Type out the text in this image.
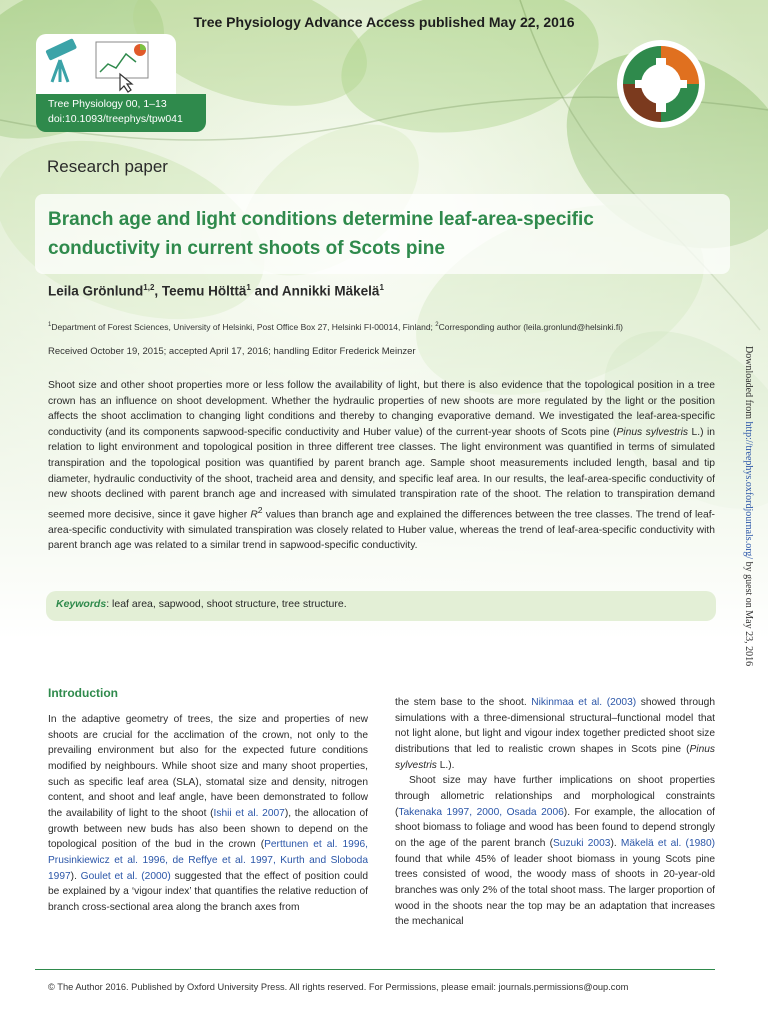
Tree Physiology Advance Access published May 22, 2016
Tree Physiology 00, 1–13
doi:10.1093/treephys/tpw041
Research paper
Branch age and light conditions determine leaf-area-specific
conductivity in current shoots of Scots pine
Leila Grönlund$^{1,2}$, Teemu Hölttä$^1$ and Annikki Mäkelä$^1$
$^1$Department of Forest Sciences, University of Helsinki, Post Office Box 27, Helsinki FI-00014, Finland; $^2$Corresponding author (leila.gronlund@helsinki.fi)
Received October 19, 2015; accepted April 17, 2016; handling Editor Frederick Meinzer
Shoot size and other shoot properties more or less follow the availability of light, but there is also evidence that the topological position in a tree crown has an influence on shoot development. Whether the hydraulic properties of new shoots are more regulated by the light or the position affects the shoot acclimation to changing light conditions and thereby to changing evaporative demand. We investigated the leaf-area-specific conductivity (and its components sapwood-specific conductivity and Huber value) of the current-year shoots of Scots pine (Pinus sylvestris L.) in relation to light environment and topological position in three different tree classes. The light environment was quantified in terms of simulated transpiration and the topological position was quantified by parent branch age. Sample shoot measurements included length, basal and tip diameter, hydraulic conductivity of the shoot, tracheid area and density, and specific leaf area. In our results, the leaf-area-specific conductivity of new shoots declined with parent branch age and increased with simulated transpiration rate of the shoot. The relation to transpiration demand seemed more decisive, since it gave higher $R^2$ values than branch age and explained the differences between the tree classes. The trend of leaf-area-specific conductivity with simulated transpiration was closely related to Huber value, whereas the trend of leaf-area-specific conductivity with parent branch age was related to a similar trend in sapwood-specific conductivity.
Keywords: leaf area, sapwood, shoot structure, tree structure.
Downloaded from http://treephys.oxfordjournals.org/ by guest on May 23, 2016
Introduction

In the adaptive geometry of trees, the size and properties of new shoots are crucial for the acclimation of the crown, not only to the prevailing environment but also for the expected future conditions modified by neighbours. While shoot size and many shoot properties, such as specific leaf area (SLA), stomatal size and density, nitrogen content, and shoot and leaf angle, have been demonstrated to follow the availability of light to the shoot (Ishii et al. 2007), the allocation of growth between new buds has also been shown to depend on the topological position of the bud in the crown (Perttunen et al. 1996, Prusinkiewicz et al. 1996, de Reffye et al. 1997, Kurth and Sloboda 1997). Goulet et al. (2000) suggested that the effect of position could be explained by a ‘vigour index’ that quantifies the relative reduction of branch cross-sectional area along the branch axes from

the stem base to the shoot. Nikinmaa et al. (2003) showed through simulations with a three-dimensional structural–functional model that not light alone, but light and vigour index together predicted shoot size distributions that led to realistic crown shapes in Scots pine (Pinus sylvestris L.).

Shoot size may have further implications on shoot properties through allometric relationships and morphological constraints (Takenaka 1997, 2000, Osada 2006). For example, the allocation of shoot biomass to foliage and wood has been found to depend strongly on the age of the parent branch (Suzuki 2003). Mäkelä et al. (1980) found that while 45% of leader shoot biomass in young Scots pine trees consisted of wood, the woody mass of shoots in 20-year-old branches was only 2% of the total shoot mass. The larger proportion of wood in the shoots near the top may be an adaptation that increases the mechanical

© The Author 2016. Published by Oxford University Press. All rights reserved. For Permissions, please email: journals.permissions@oup.com
